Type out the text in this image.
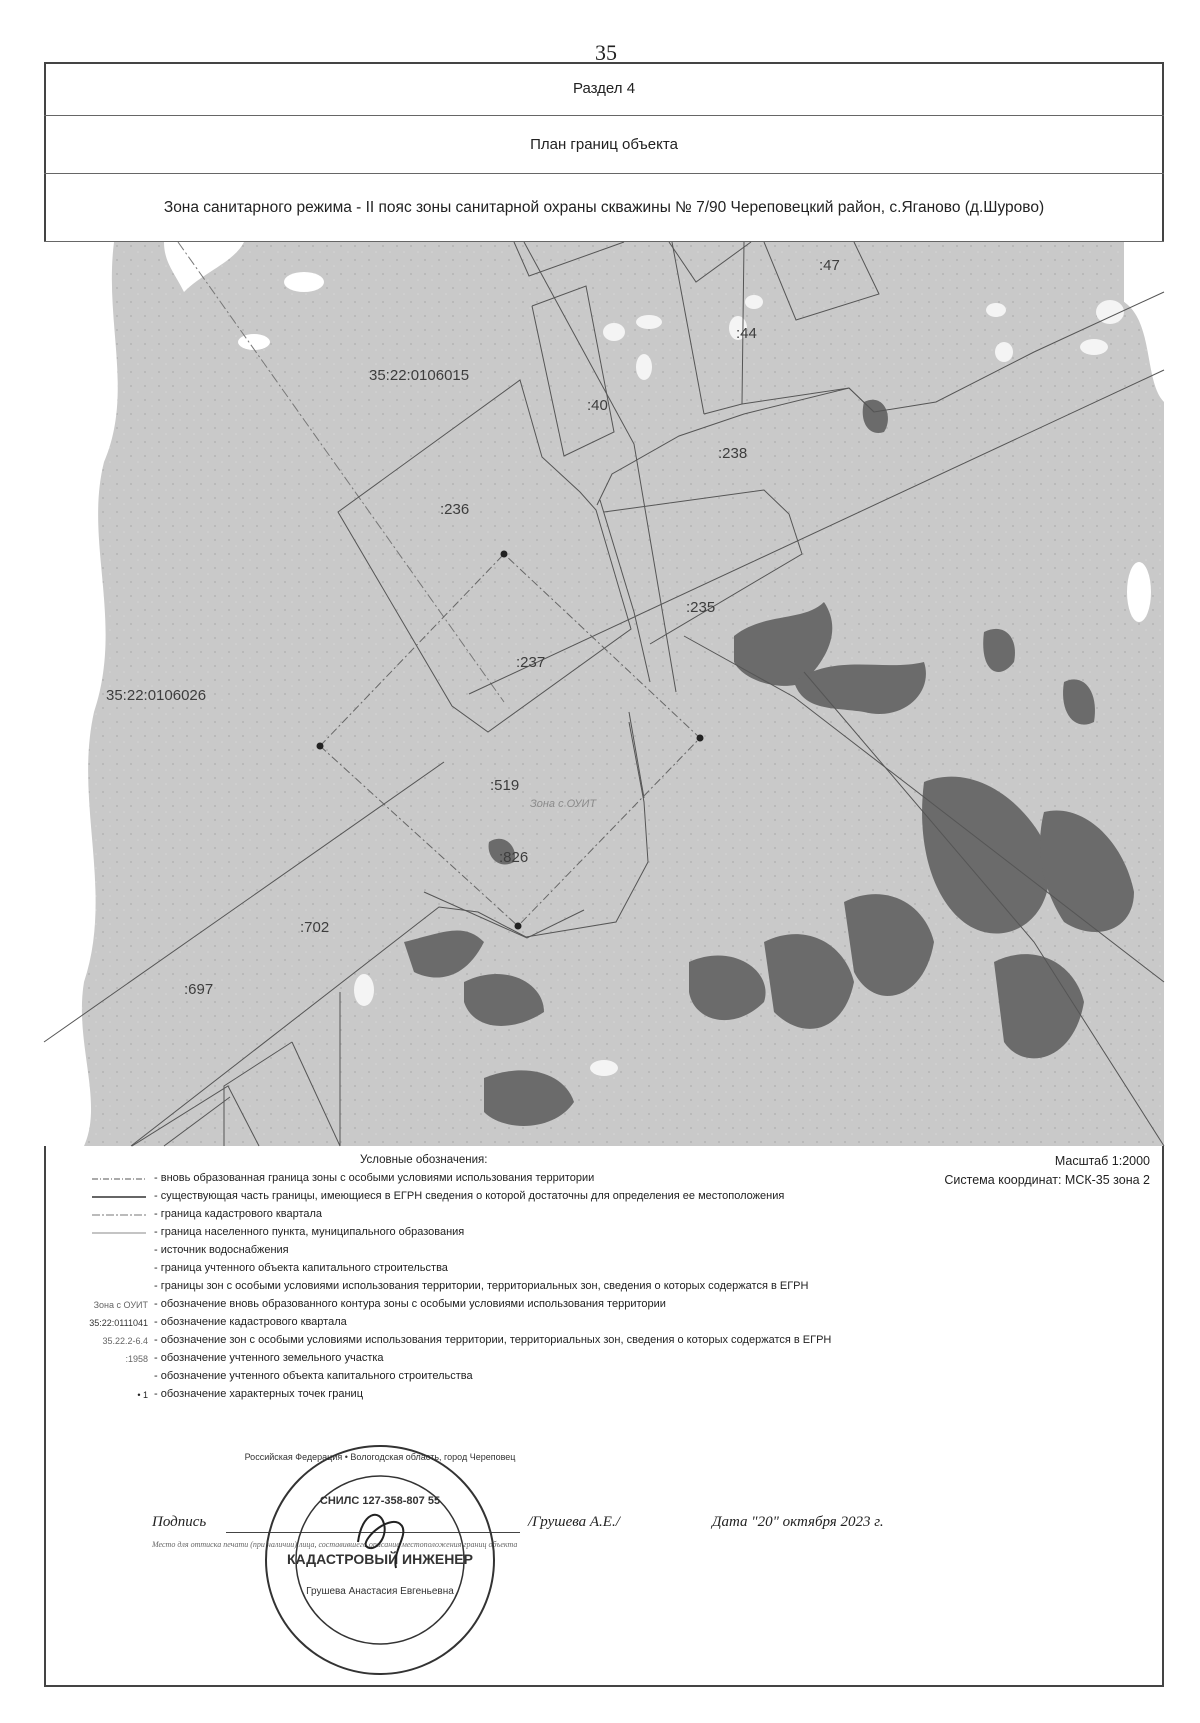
35
Раздел 4
План границ объекта
Зона санитарного режима - II пояс зоны санитарной охраны скважины № 7/90 Череповецкий район, с.Яганово (д.Шурово)
35:22:0106015
35:22:0106026
:47
:44
:40
:238
:236
:235
:237
:519
:826
:702
:697
Зона с ОУИТ
Условные обозначения:	Масштаб 1:2000
Система координат: МСК-35 зона 2
- вновь образованная граница зоны с особыми условиями использования территории
- существующая часть границы, имеющиеся в ЕГРН сведения о которой достаточны для определения ее местоположения
- граница кадастрового квартала
- граница населенного пункта, муниципального образования
- источник водоснабжения
- граница учтенного объекта капитального строительства
- границы зон с особыми условиями использования территории, территориальных зон, сведения о которых содержатся в ЕГРН
Зона с ОУИТ - обозначение вновь образованного контура зоны с особыми условиями использования территории
35:22:0111041 - обозначение кадастрового квартала
35.22.2-6.4 - обозначение зон с особыми условиями использования территории, территориальных зон, сведения о которых содержатся в ЕГРН
:1958 - обозначение учтенного земельного участка
- обозначение учтенного объекта капитального строительства
• 1 - обозначение характерных точек границ
Подпись	/Грушева А.Е./	Дата "20" октября 2023 г.
Место для оттиска печати (при наличии) лица, составившего описание местоположения границ объекта
СНИЛС 127-358-807 55
КАДАСТРОВЫЙ ИНЖЕНЕР
Грушева Анастасия Евгеньевна
Российская Федерация • Вологодская область, город Череповец
